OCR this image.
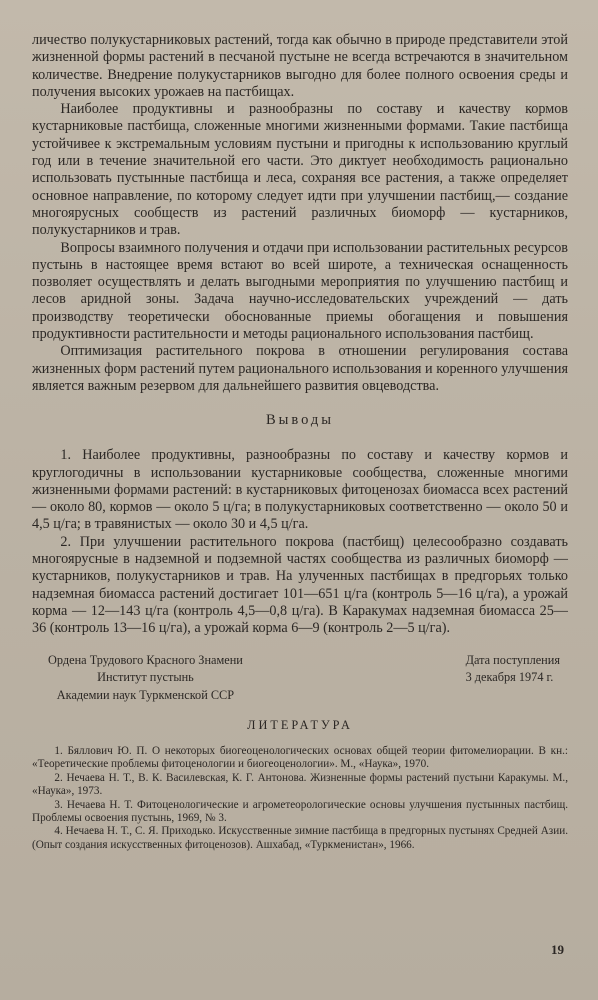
личество полукустарниковых растений, тогда как обычно в природе представители этой жизненной формы растений в песчаной пустыне не всегда встречаются в значительном количестве. Внедрение полукустарников выгодно для более полного освоения среды и получения высоких урожаев на пастбищах.

Наиболее продуктивны и разнообразны по составу и качеству кормов кустарниковые пастбища, сложенные многими жизненными формами. Такие пастбища устойчивее к экстремальным условиям пустыни и пригодны к использованию круглый год или в течение значительной его части. Это диктует необходимость рационально использовать пустынные пастбища и леса, сохраняя все растения, а также определяет основное направление, по которому следует идти при улучшении пастбищ,— создание многоярусных сообществ из растений различных биоморф — кустарников, полукустарников и трав.

Вопросы взаимного получения и отдачи при использовании растительных ресурсов пустынь в настоящее время встают во всей широте, а техническая оснащенность позволяет осуществлять и делать выгодными мероприятия по улучшению пастбищ и лесов аридной зоны. Задача научно-исследовательских учреждений — дать производству теоретически обоснованные приемы обогащения и повышения продуктивности растительности и методы рационального использования пастбищ.

Оптимизация растительного покрова в отношении регулирования состава жизненных форм растений путем рационального использования и коренного улучшения является важным резервом для дальнейшего развития овцеводства.

Выводы

1. Наиболее продуктивны, разнообразны по составу и качеству кормов и круглогодичны в использовании кустарниковые сообщества, сложенные многими жизненными формами растений: в кустарниковых фитоценозах биомасса всех растений — около 80, кормов — около 5 ц/га; в полукустарниковых соответственно — около 50 и 4,5 ц/га; в травянистых — около 30 и 4,5 ц/га.

2. При улучшении растительного покрова (пастбищ) целесообразно создавать многоярусные в надземной и подземной частях сообщества из различных биоморф — кустарников, полукустарников и трав. На улученных пастбищах в предгорьях только надземная биомасса растений достигает 101—651 ц/га (контроль 5—16 ц/га), а урожай корма — 12—143 ц/га (контроль 4,5—0,8 ц/га). В Каракумах надземная биомасса 25—36 (контроль 13—16 ц/га), а урожай корма 6—9 (контроль 2—5 ц/га).

Ордена Трудового Красного Знамени
Институт пустынь
Академии наук Туркменской ССР
Дата поступления
3 декабря 1974 г.
ЛИТЕРАТУРА

1. Бяллович Ю. П. О некоторых биогеоценологических основах общей теории фитомелиорации. В кн.: «Теоретические проблемы фитоценологии и биогеоценологии». М., «Наука», 1970.

2. Нечаева Н. Т., В. К. Василевская, К. Г. Антонова. Жизненные формы растений пустыни Каракумы. М., «Наука», 1973.

3. Нечаева Н. Т. Фитоценологические и агрометеорологические основы улучшения пустынных пастбищ. Проблемы освоения пустынь, 1969, № 3.

4. Нечаева Н. Т., С. Я. Приходько. Искусственные зимние пастбища в предгорных пустынях Средней Азии. (Опыт создания искусственных фитоценозов). Ашхабад, «Туркменистан», 1966.

19
